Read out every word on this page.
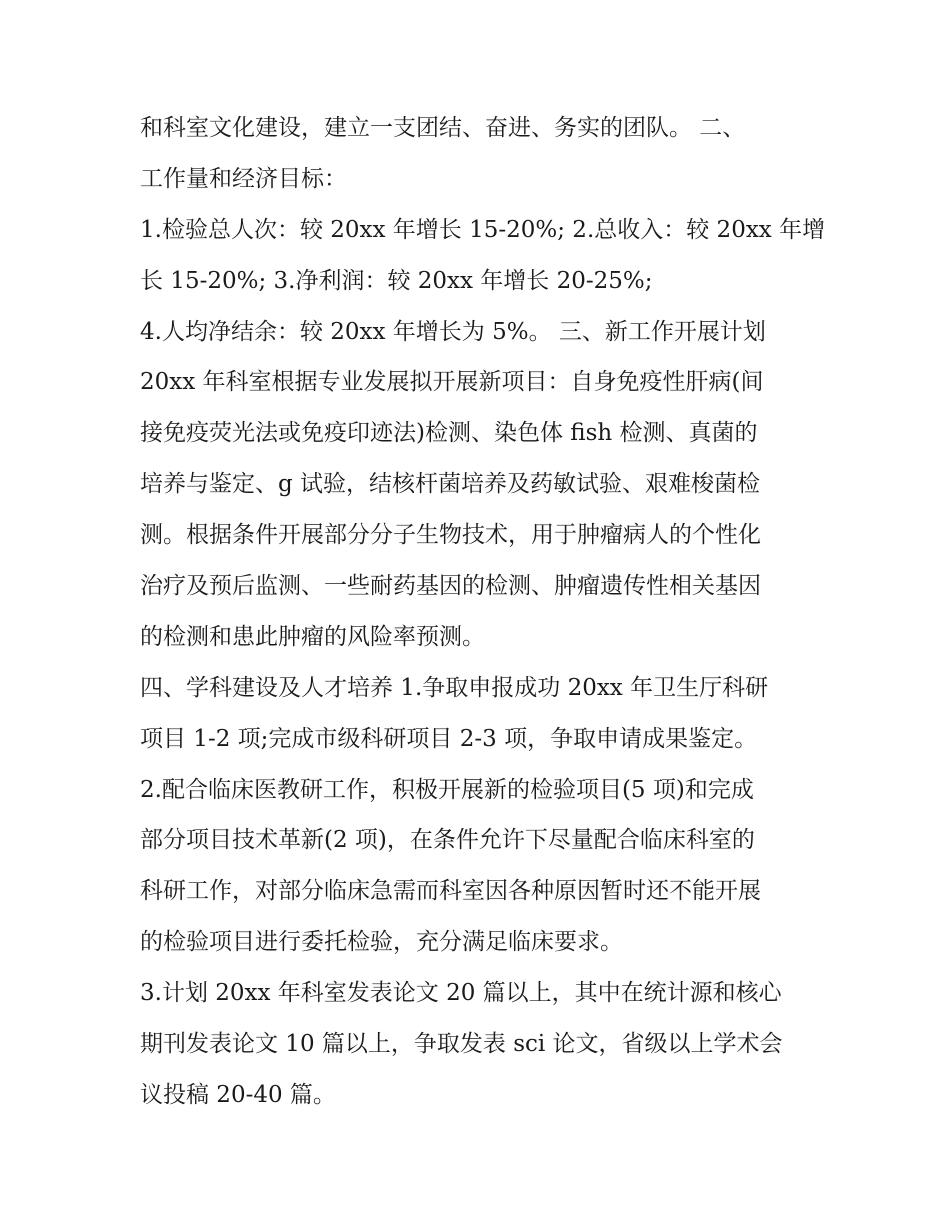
和科室文化建设，建立一支团结、奋进、务实的团队。 二、

工作量和经济目标：

1.检验总人次：较 20xx 年增长 15-20%; 2.总收入：较 20xx 年增

长 15-20%; 3.净利润：较 20xx 年增长 20-25%;

4.人均净结余：较 20xx 年增长为 5%。 三、新工作开展计划

20xx 年科室根据专业发展拟开展新项目：自身免疫性肝病(间

接免疫荧光法或免疫印迹法)检测、染色体 fish 检测、真菌的

培养与鉴定、g 试验，结核杆菌培养及药敏试验、艰难梭菌检

测。根据条件开展部分分子生物技术，用于肿瘤病人的个性化

治疗及预后监测、一些耐药基因的检测、肿瘤遗传性相关基因

的检测和患此肿瘤的风险率预测。

四、学科建设及人才培养 1.争取申报成功 20xx 年卫生厅科研

项目 1-2 项;完成市级科研项目 2-3 项，争取申请成果鉴定。

2.配合临床医教研工作，积极开展新的检验项目(5 项)和完成

部分项目技术革新(2 项)，在条件允许下尽量配合临床科室的

科研工作，对部分临床急需而科室因各种原因暂时还不能开展

的检验项目进行委托检验，充分满足临床要求。

3.计划 20xx 年科室发表论文 20 篇以上，其中在统计源和核心

期刊发表论文 10 篇以上，争取发表 sci 论文，省级以上学术会

议投稿 20-40 篇。
